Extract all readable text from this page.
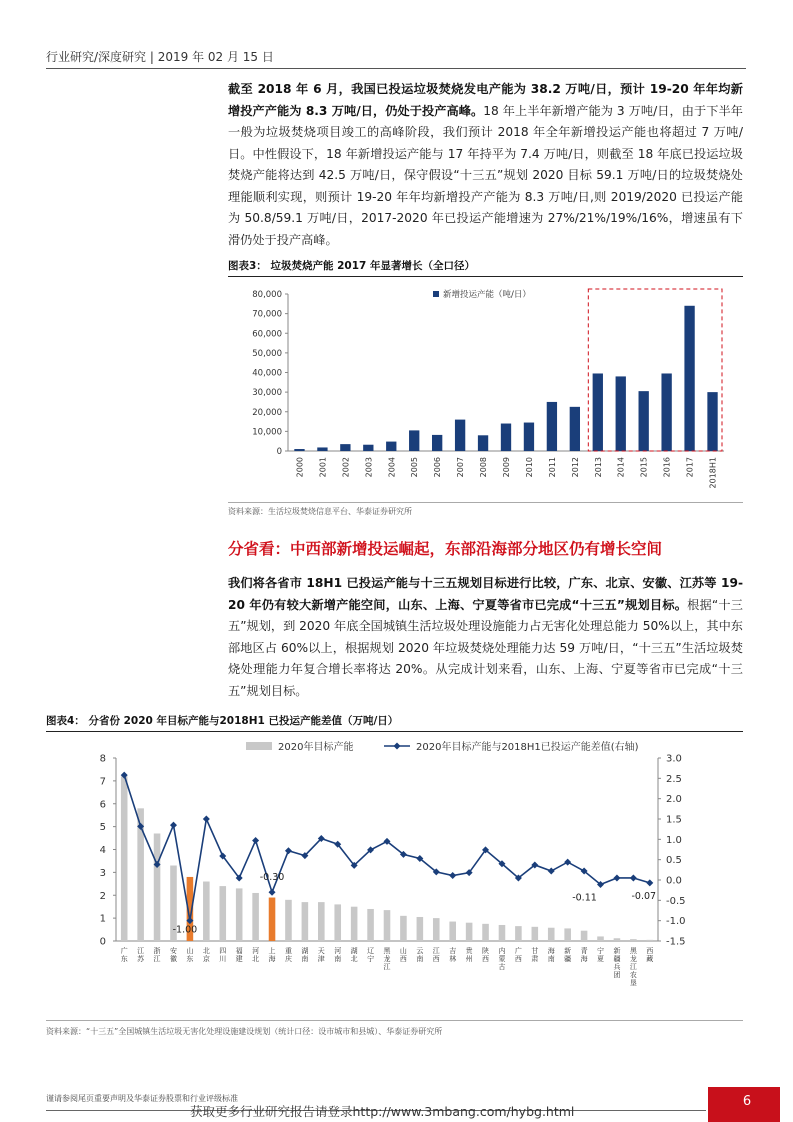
行业研究/深度研究 | 2019 年 02 月 15 日

截至 2018 年 6 月，我国已投运垃圾焚烧发电产能为 38.2 万吨/日，预计 19-20 年年均新增投产产能为 8.3 万吨/日，仍处于投产高峰。18 年上半年新增产能为 3 万吨/日，由于下半年一般为垃圾焚烧项目竣工的高峰阶段，我们预计 2018 年全年新增投运产能也将超过 7 万吨/日。中性假设下，18 年新增投运产能与 17 年持平为 7.4 万吨/日，则截至 18 年底已投运垃圾焚烧产能将达到 42.5 万吨/日，保守假设“十三五”规划 2020 目标 59.1 万吨/日的垃圾焚烧处理能顺利实现，则预计 19-20 年年均新增投产产能为 8.3 万吨/日,则 2019/2020 已投运产能为 50.8/59.1 万吨/日，2017-2020 年已投运产能增速为 27%/21%/19%/16%，增速虽有下滑仍处于投产高峰。

图表3： 垃圾焚烧产能 2017 年显著增长（全口径）
0
10,000
20,000
30,000
40,000
50,000
60,000
70,000
80,000
2000 2001 2002 2003 2004 2005 2006 2007 2008 2009 2010 2011 2012 2013 2014 2015 2016 2017 2018H1
新增投运产能（吨/日）
资料来源：生活垃圾焚烧信息平台、华泰证券研究所
分省看：中西部新增投运崛起，东部沿海部分地区仍有增长空间

我们将各省市 18H1 已投运产能与十三五规划目标进行比较，广东、北京、安徽、江苏等 19-20 年仍有较大新增产能空间，山东、上海、宁夏等省市已完成“十三五”规划目标。根据“十三五”规划，到 2020 年底全国城镇生活垃圾处理设施能力占无害化处理总能力 50%以上，其中东部地区占 60%以上，根据规划 2020 年垃圾焚烧处理能力达 59 万吨/日，“十三五”生活垃圾焚烧处理能力年复合增长率将达 20%。从完成计划来看，山东、上海、宁夏等省市已完成“十三五”规划目标。

图表4： 分省份 2020 年目标产能与2018H1 已投运产能差值（万吨/日）
0
1
2
3
4
5
6
7
8
-1.5
-1.0
-0.5
0.0
0.5
1.0
1.5
2.0
2.5
3.0
广东
江苏
浙江
安徽
山东
北京
四川
福建
河北
上海
重庆
湖南
天津
河南
湖北
辽宁
黑龙江
山西
云南
江西
吉林
贵州
陕西
内蒙古
广西
甘肃
海南
新疆
青海
宁夏
新疆兵团
黑龙江农垦
西藏
-1.00
-0.30
-0.11	-0.07
2020年目标产能	2020年目标产能与2018H1已投运产能差值(右轴)
资料来源：“十三五”全国城镇生活垃圾无害化处理设施建设规划（统计口径：设市城市和县城）、华泰证券研究所
谨请参阅尾页重要声明及华泰证券股票和行业评级标准
获取更多行业研究报告请登录http://www.3mbang.com/hybg.html
6
